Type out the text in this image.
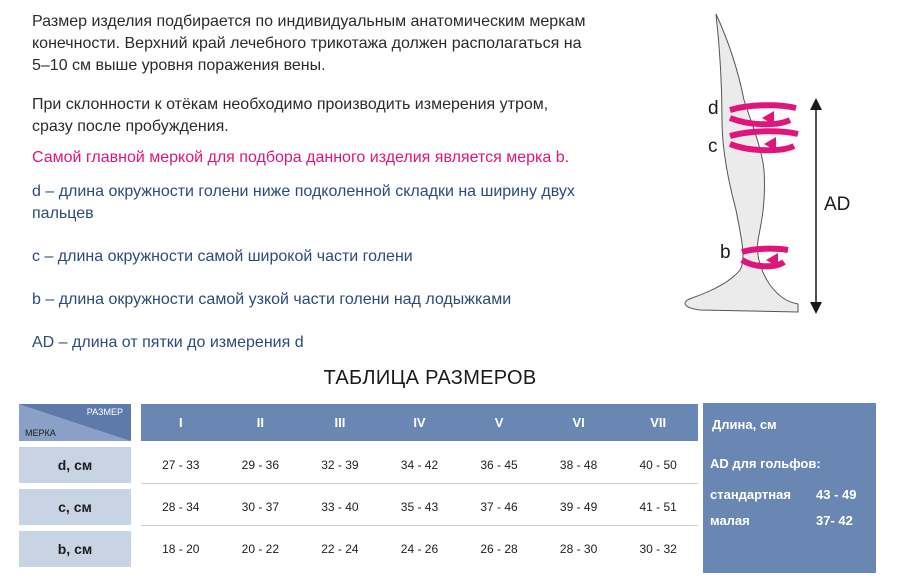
Размер изделия подбирается по индивидуальным анатомическим меркам
конечности. Верхний край лечебного трикотажа должен располагаться на
5–10 см выше уровня поражения вены.

При склонности к отёкам необходимо производить измерения утром,
сразу после пробуждения.

Самой главной меркой для подбора данного изделия является мерка b.

d – длина окружности голени ниже подколенной складки на ширину двух
пальцев

c – длина окружности самой широкой части голени

b – длина окружности самой узкой части голени над лодыжками

AD – длина от пятки до измерения d

d
c
b
AD
ТАБЛИЦА РАЗМЕРОВ
РАЗМЕР
МЕРКА		I	II	III	IV	V	VI	VII

d, см		27 - 33	29 - 36	32 - 39	34 - 42	36 - 45	38 - 48	40 - 50

c, см		28 - 34	30 - 37	33 - 40	35 - 43	37 - 46	39 - 49	41 - 51

b, см		18 - 20	20 - 22	22 - 24	24 - 26	26 - 28	28 - 30	30 - 32
Длина, см
AD для гольфов:
стандартная 43 - 49
малая	37- 42
